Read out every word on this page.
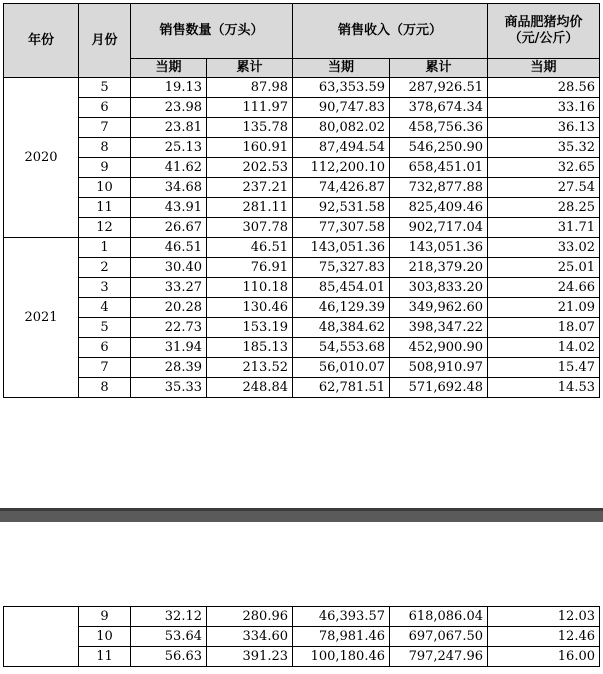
年份	月份	销售数量（万头）		销售收入（万元）		商品肥猪均价
（元/公斤）

		当期	累计	当期	累计	当期
2020	5	19.13	87.98	63,353.59	287,926.51	28.56
	6	23.98	111.97	90,747.83	378,674.34	33.16
	7	23.81	135.78	80,082.02	458,756.36	36.13
	8	25.13	160.91	87,494.54	546,250.90	35.32
	9	41.62	202.53	112,200.10	658,451.01	32.65
	10	34.68	237.21	74,426.87	732,877.88	27.54
	11	43.91	281.11	92,531.58	825,409.46	28.25
	12	26.67	307.78	77,307.58	902,717.04	31.71
2021	1	46.51	46.51	143,051.36	143,051.36	33.02
	2	30.40	76.91	75,327.83	218,379.20	25.01
	3	33.27	110.18	85,454.01	303,833.20	24.66
	4	20.28	130.46	46,129.39	349,962.60	21.09
	5	22.73	153.19	48,384.62	398,347.22	18.07
	6	31.94	185.13	54,553.68	452,900.90	14.02
	7	28.39	213.52	56,010.07	508,910.97	15.47
	8	35.33	248.84	62,781.51	571,692.48	14.53
	9	32.12	280.96	46,393.57	618,086.04	12.03
	10	53.64	334.60	78,981.46	697,067.50	12.46
	11	56.63	391.23	100,180.46	797,247.96	16.00
